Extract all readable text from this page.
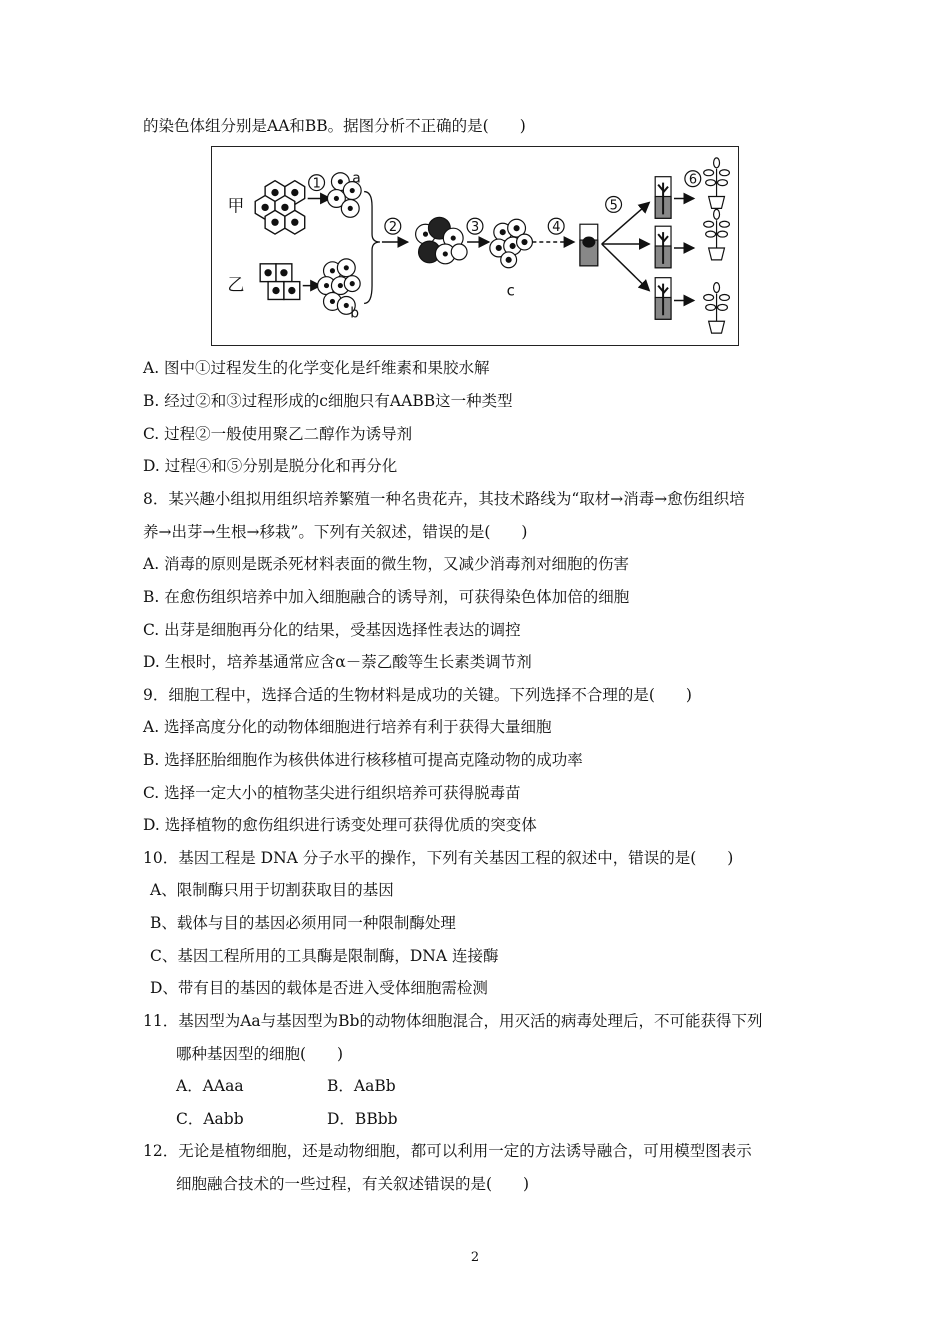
的染色体组分别是AA和BB。据图分析不正确的是(　　)
甲
乙
1 a
b
2	3
c
4
5
6
A. 图中①过程发生的化学变化是纤维素和果胶水解
B. 经过②和③过程形成的c细胞只有AABB这一种类型
C. 过程②一般使用聚乙二醇作为诱导剂
D. 过程④和⑤分别是脱分化和再分化
8．某兴趣小组拟用组织培养繁殖一种名贵花卉，其技术路线为“取材→消毒→愈伤组织培
养→出芽→生根→移栽”。下列有关叙述，错误的是(　　)
A. 消毒的原则是既杀死材料表面的微生物，又减少消毒剂对细胞的伤害
B. 在愈伤组织培养中加入细胞融合的诱导剂，可获得染色体加倍的细胞
C. 出芽是细胞再分化的结果，受基因选择性表达的调控
D. 生根时，培养基通常应含α－萘乙酸等生长素类调节剂
9．细胞工程中，选择合适的生物材料是成功的关键。下列选择不合理的是(　　)
A. 选择高度分化的动物体细胞进行培养有利于获得大量细胞
B. 选择胚胎细胞作为核供体进行核移植可提高克隆动物的成功率
C. 选择一定大小的植物茎尖进行组织培养可获得脱毒苗
D. 选择植物的愈伤组织进行诱变处理可获得优质的突变体
10．基因工程是 DNA 分子水平的操作，下列有关基因工程的叙述中，错误的是(　　)
A、限制酶只用于切割获取目的基因
B、载体与目的基因必须用同一种限制酶处理
C、基因工程所用的工具酶是限制酶，DNA 连接酶
D、带有目的基因的载体是否进入受体细胞需检测
11．基因型为Aa与基因型为Bb的动物体细胞混合，用灭活的病毒处理后，不可能获得下列
哪种基因型的细胞(　　)
A．AAaa	B．AaBb
C．Aabb	D．BBbb
12．无论是植物细胞，还是动物细胞，都可以利用一定的方法诱导融合，可用模型图表示
细胞融合技术的一些过程，有关叙述错误的是(　　)
2
